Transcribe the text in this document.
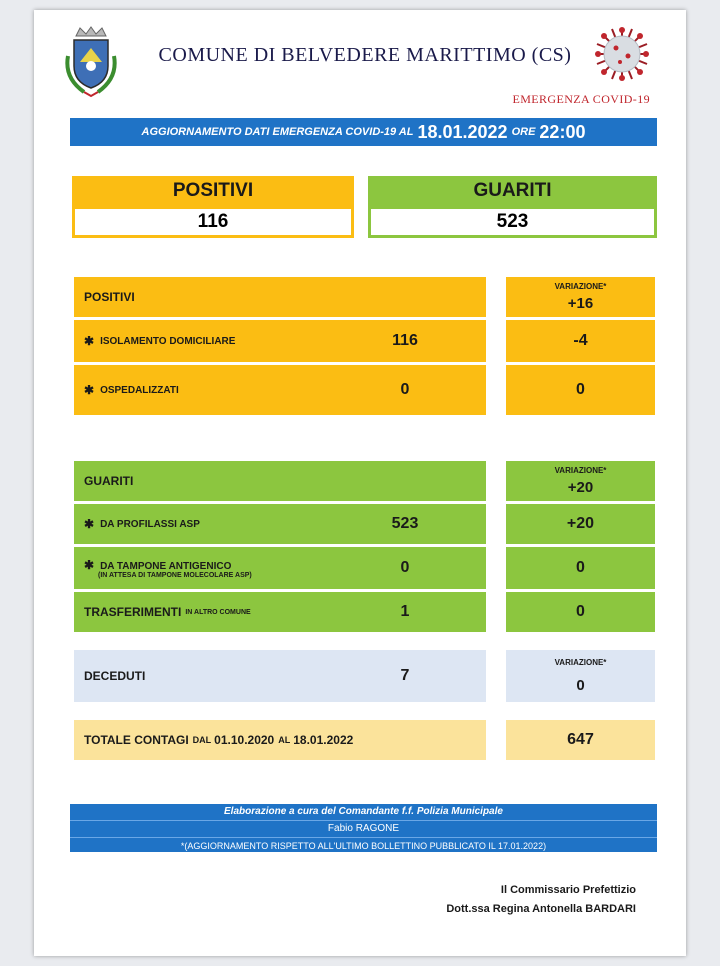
COMUNE DI BELVEDERE MARITTIMO (CS)
EMERGENZA COVID-19
AGGIORNAMENTO DATI EMERGENZA COVID-19 AL 18.01.2022 ORE 22:00
POSITIVI
116
GUARITI
523
POSITIVI
VARIAZIONE*
+16
✱ ISOLAMENTO DOMICILIARE	116	-4
✱ OSPEDALIZZATI	0	0
GUARITI
VARIAZIONE*
+20
✱ DA PROFILASSI ASP	523	+20
✱ DA TAMPONE ANTIGENICO
(IN ATTESA DI TAMPONE MOLECOLARE ASP)	0	0
TRASFERIMENTI IN ALTRO COMUNE	1	0
DECEDUTI	7
VARIAZIONE*
0
TOTALE CONTAGI DAL 01.10.2020 AL 18.01.2022	647
Elaborazione a cura del Comandante f.f. Polizia Municipale
Fabio RAGONE
*(AGGIORNAMENTO RISPETTO ALL'ULTIMO BOLLETTINO PUBBLICATO IL 17.01.2022)
Il Commissario Prefettizio
Dott.ssa Regina Antonella BARDARI
